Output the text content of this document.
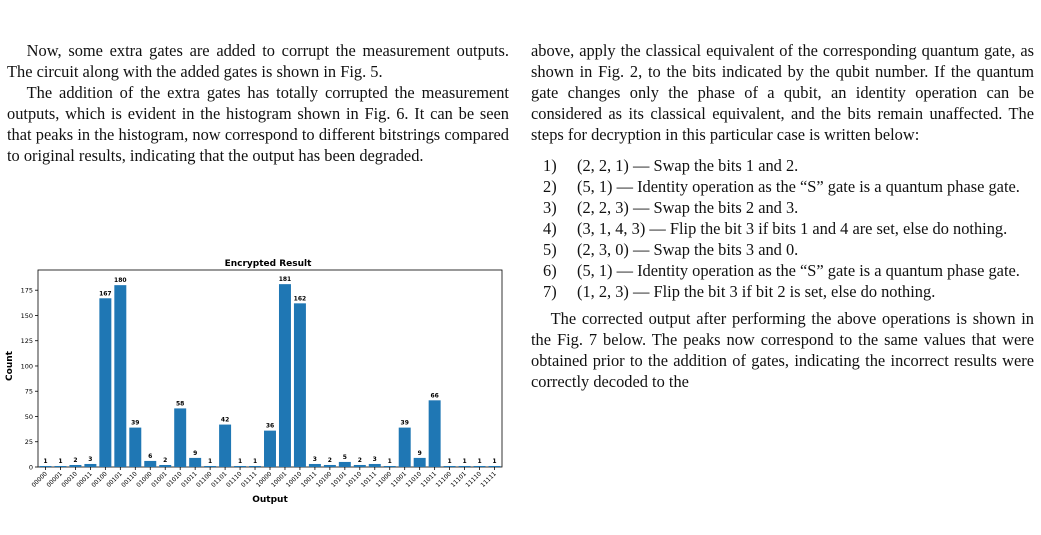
Now, some extra gates are added to corrupt the measurement outputs. The circuit along with the added gates is shown in Fig. 5.

The addition of the extra gates has totally corrupted the measurement outputs, which is evident in the histogram shown in Fig. 6. It can be seen that peaks in the histogram, now correspond to different bitstrings compared to original results, indicating that the output has been degraded.

above, apply the classical equivalent of the corresponding quantum gate, as shown in Fig. 2, to the bits indicated by the qubit number. If the quantum gate changes only the phase of a qubit, an identity operation can be considered as its classical equivalent, and the bits remain unaffected. The steps for decryption in this particular case is written below:

1) (2, 2, 1) — Swap the bits 1 and 2.
2) (5, 1) — Identity operation as the “S” gate is a quantum phase gate.
3) (2, 2, 3) — Swap the bits 2 and 3.
4) (3, 1, 4, 3) — Flip the bit 3 if bits 1 and 4 are set, else do nothing.
5) (2, 3, 0) — Swap the bits 3 and 0.
6) (5, 1) — Identity operation as the “S” gate is a quantum phase gate.
7) (1, 2, 3) — Flip the bit 3 if bit 2 is set, else do nothing.

The corrected output after performing the above operations is shown in the Fig. 7 below. The peaks now correspond to the same values that were obtained prior to the addition of gates, indicating the incorrect results were correctly decoded to the

Encrypted Result
Count
Output
0
25
50
75
100
125
150
175
1
00000
1
00001
2
00010
3
00011
167
00100
180
00101
39
00110
6
01000
2
01001
58
01010
9
01011
1
01100
42
01101
1
01110
1
01111
36
10000
181
10001
162
10010
3
10011
2
10100
5
10101
2
10110
3
10111
1
11000
39
11001
9
11010
66
11011
1
11100
1
11101
1
11110
1
11111
